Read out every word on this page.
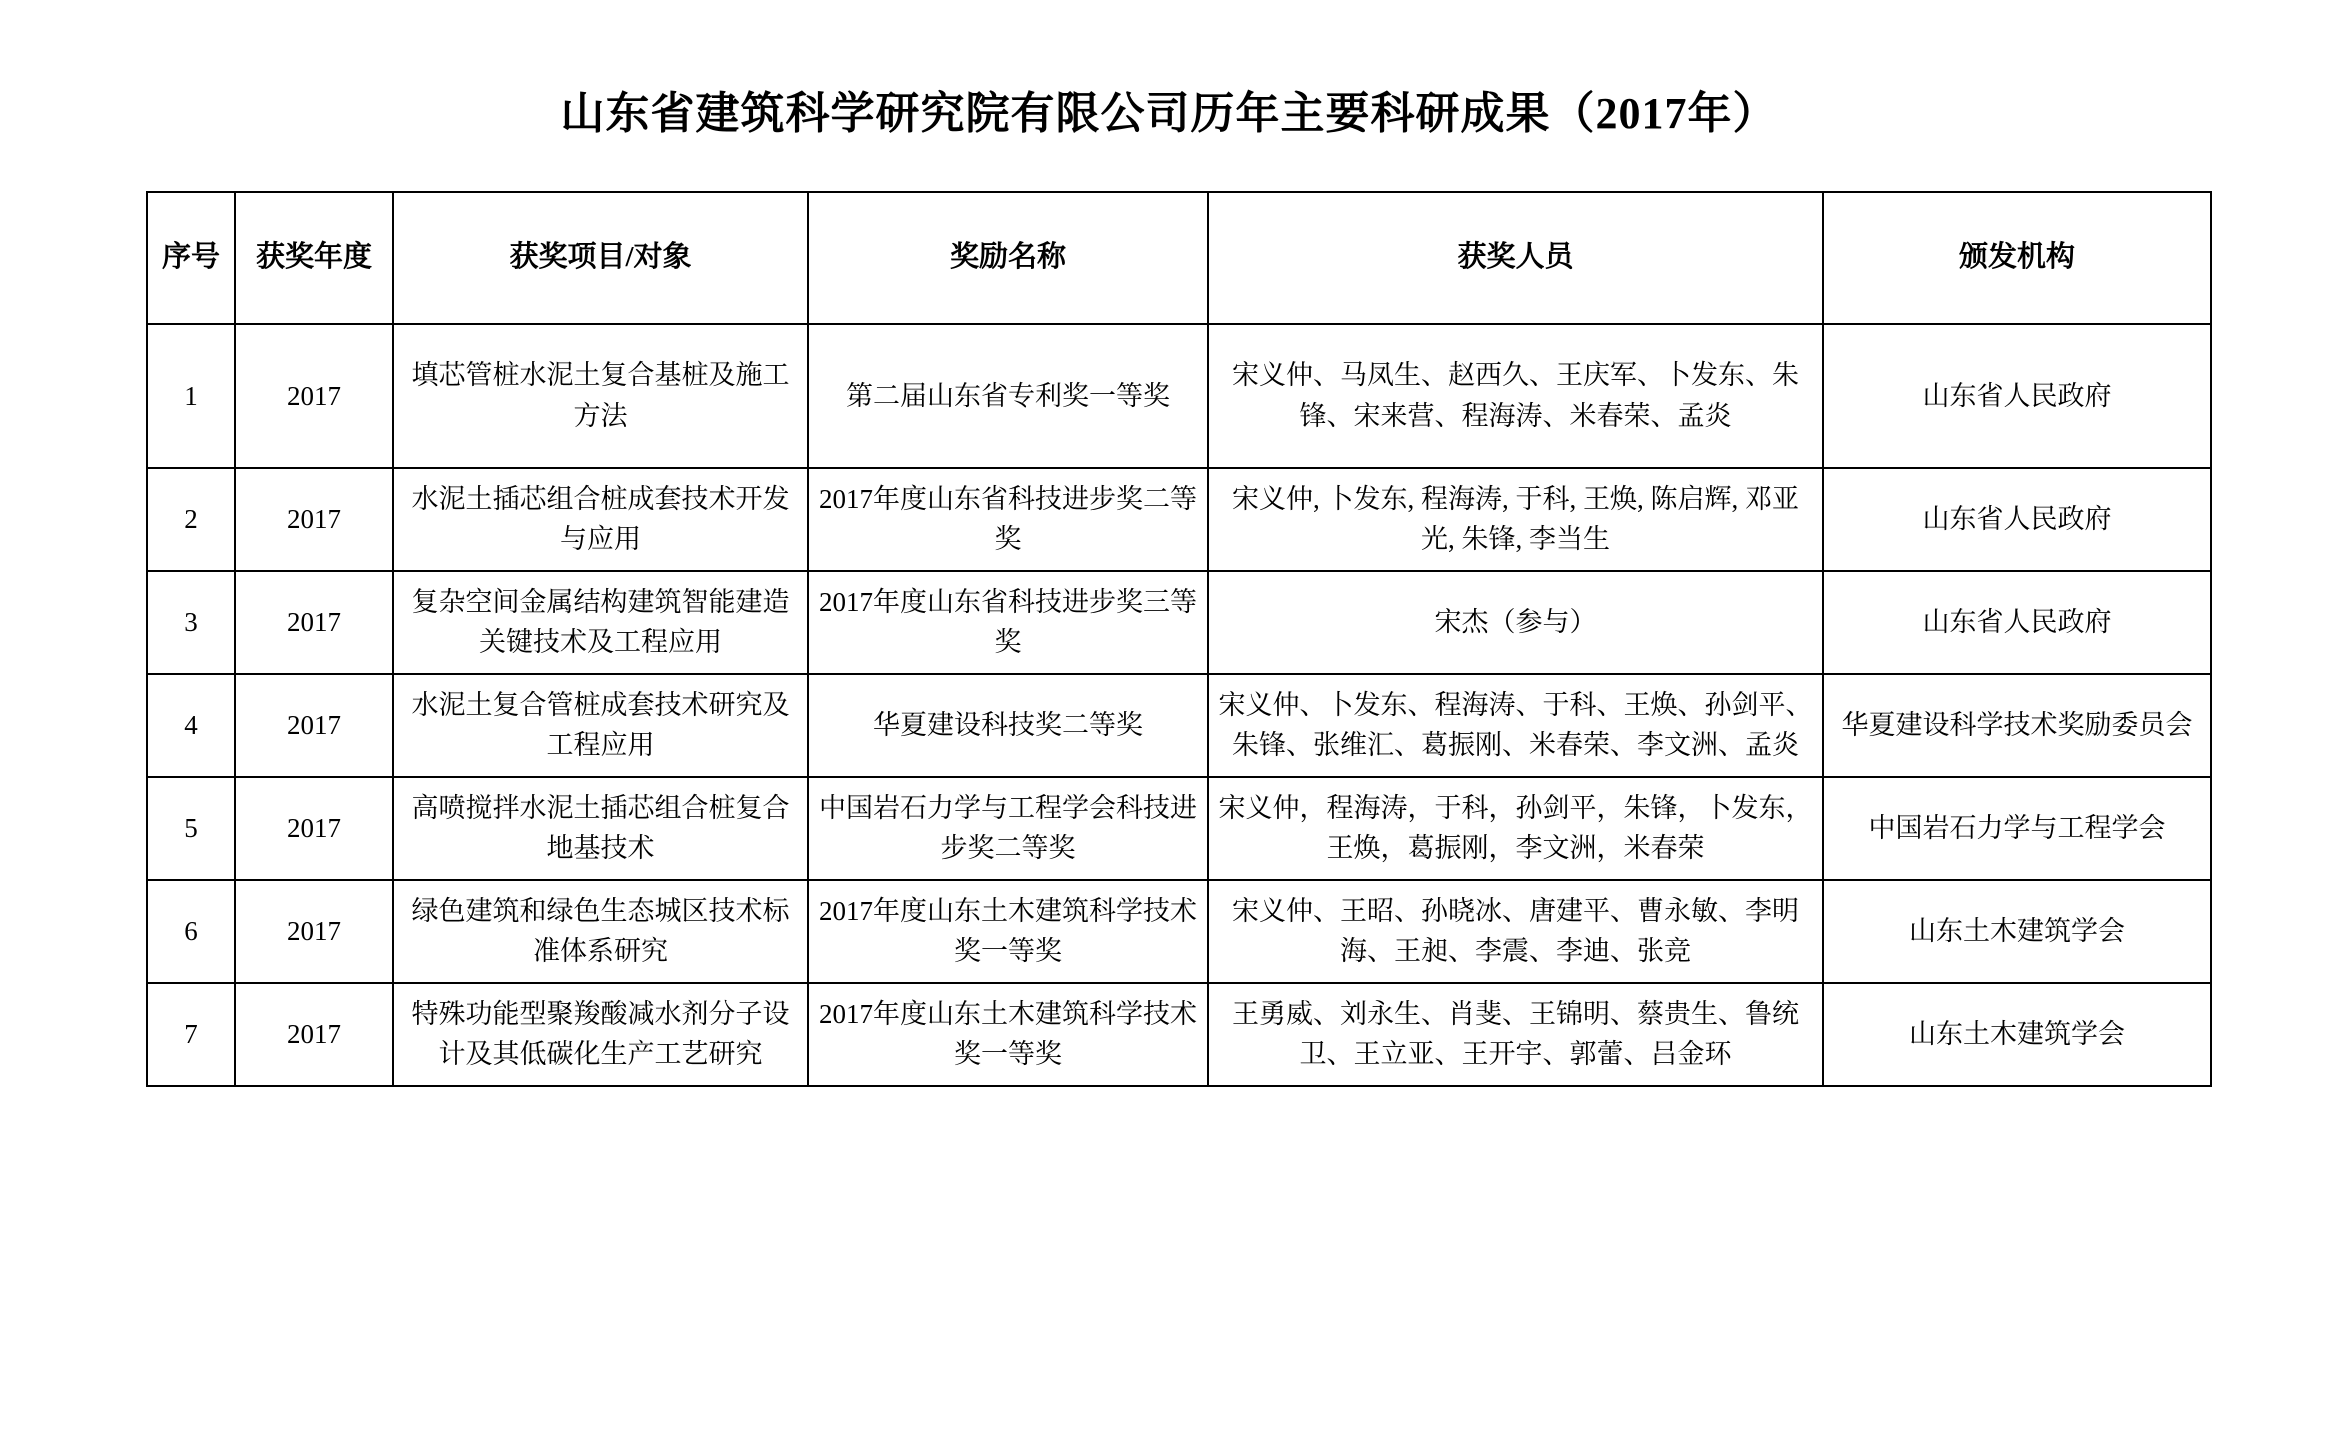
山东省建筑科学研究院有限公司历年主要科研成果（2017年）
序号	获奖年度	获奖项目/对象	奖励名称	获奖人员	颁发机构
1	2017	填芯管桩水泥土复合基桩及施工方法	第二届山东省专利奖一等奖	宋义仲、马凤生、赵西久、王庆军、卜发东、朱锋、宋来营、程海涛、米春荣、孟炎	山东省人民政府
2	2017	水泥土插芯组合桩成套技术开发与应用	2017年度山东省科技进步奖二等奖	宋义仲, 卜发东, 程海涛, 于科, 王焕, 陈启辉, 邓亚光, 朱锋, 李当生	山东省人民政府
3	2017	复杂空间金属结构建筑智能建造关键技术及工程应用	2017年度山东省科技进步奖三等奖	宋杰（参与）	山东省人民政府
4	2017	水泥土复合管桩成套技术研究及工程应用	华夏建设科技奖二等奖	宋义仲、卜发东、程海涛、于科、王焕、孙剑平、朱锋、张维汇、葛振刚、米春荣、李文洲、孟炎	华夏建设科学技术奖励委员会
5	2017	高喷搅拌水泥土插芯组合桩复合地基技术	中国岩石力学与工程学会科技进步奖二等奖	宋义仲，程海涛，于科，孙剑平，朱锋，卜发东，王焕，葛振刚，李文洲，米春荣	中国岩石力学与工程学会
6	2017	绿色建筑和绿色生态城区技术标准体系研究	2017年度山东土木建筑科学技术奖一等奖	宋义仲、王昭、孙晓冰、唐建平、曹永敏、李明海、王昶、李震、李迪、张竞	山东土木建筑学会
7	2017	特殊功能型聚羧酸减水剂分子设计及其低碳化生产工艺研究	2017年度山东土木建筑科学技术奖一等奖	王勇威、刘永生、肖斐、王锦明、蔡贵生、鲁统卫、王立亚、王开宇、郭蕾、吕金环	山东土木建筑学会
